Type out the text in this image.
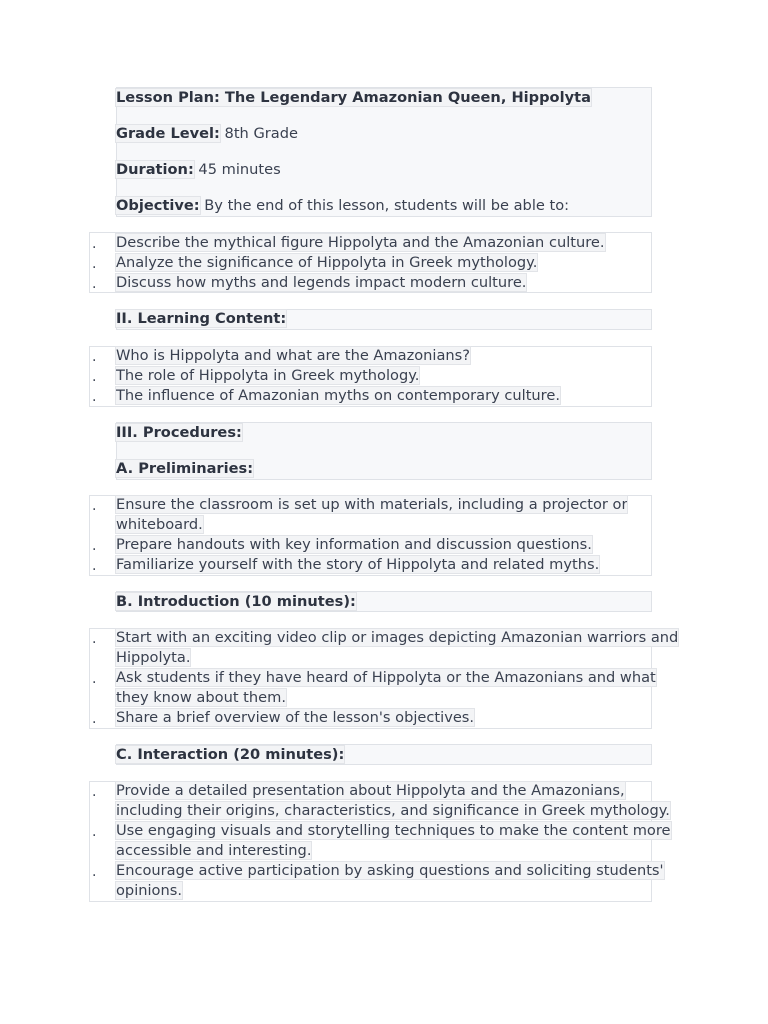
Lesson Plan: The Legendary Amazonian Queen, Hippolyta
Grade Level: 8th Grade
Duration: 45 minutes
Objective: By the end of this lesson, students will be able to:
. Describe the mythical figure Hippolyta and the Amazonian culture.
. Analyze the significance of Hippolyta in Greek mythology.
. Discuss how myths and legends impact modern culture.
II. Learning Content:
. Who is Hippolyta and what are the Amazonians?
. The role of Hippolyta in Greek mythology.
. The influence of Amazonian myths on contemporary culture.
III. Procedures:
A. Preliminaries:
. Ensure the classroom is set up with materials, including a projector or
whiteboard.
. Prepare handouts with key information and discussion questions.
. Familiarize yourself with the story of Hippolyta and related myths.
B. Introduction (10 minutes):
. Start with an exciting video clip or images depicting Amazonian warriors and
Hippolyta.
. Ask students if they have heard of Hippolyta or the Amazonians and what
they know about them.
. Share a brief overview of the lesson's objectives.
C. Interaction (20 minutes):
. Provide a detailed presentation about Hippolyta and the Amazonians,
including their origins, characteristics, and significance in Greek mythology.
. Use engaging visuals and storytelling techniques to make the content more
accessible and interesting.
. Encourage active participation by asking questions and soliciting students'
opinions.
